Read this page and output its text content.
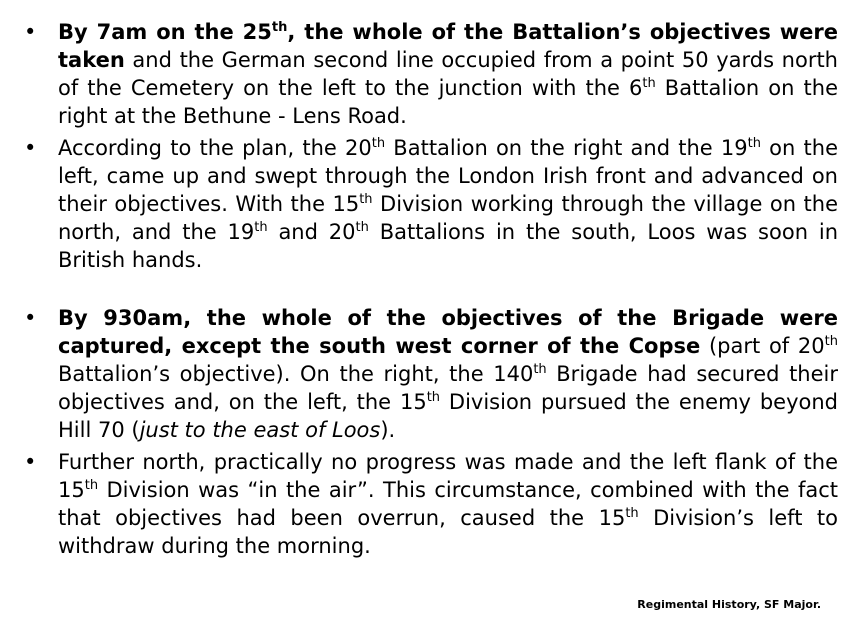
•	By 7am on the 25th, the whole of the Battalion’s objectives were taken and the German second line occupied from a point 50 yards north of the Cemetery on the left to the junction with the 6th Battalion on the right at the Bethune - Lens Road.
•	According to the plan, the 20th Battalion on the right and the 19th on the left, came up and swept through the London Irish front and advanced on their objectives. With the 15th Division working through the village on the north, and the 19th and 20th Battalions in the south, Loos was soon in British hands.
•	By 930am, the whole of the objectives of the Brigade were captured, except the south west corner of the Copse (part of 20th Battalion’s objective). On the right, the 140th Brigade had secured their objectives and, on the left, the 15th Division pursued the enemy beyond Hill 70 (just to the east of Loos).
•	Further north, practically no progress was made and the left flank of the 15th Division was “in the air”. This circumstance, combined with the fact that objectives had been overrun, caused the 15th Division’s left to withdraw during the morning.
Regimental History, SF Major.
